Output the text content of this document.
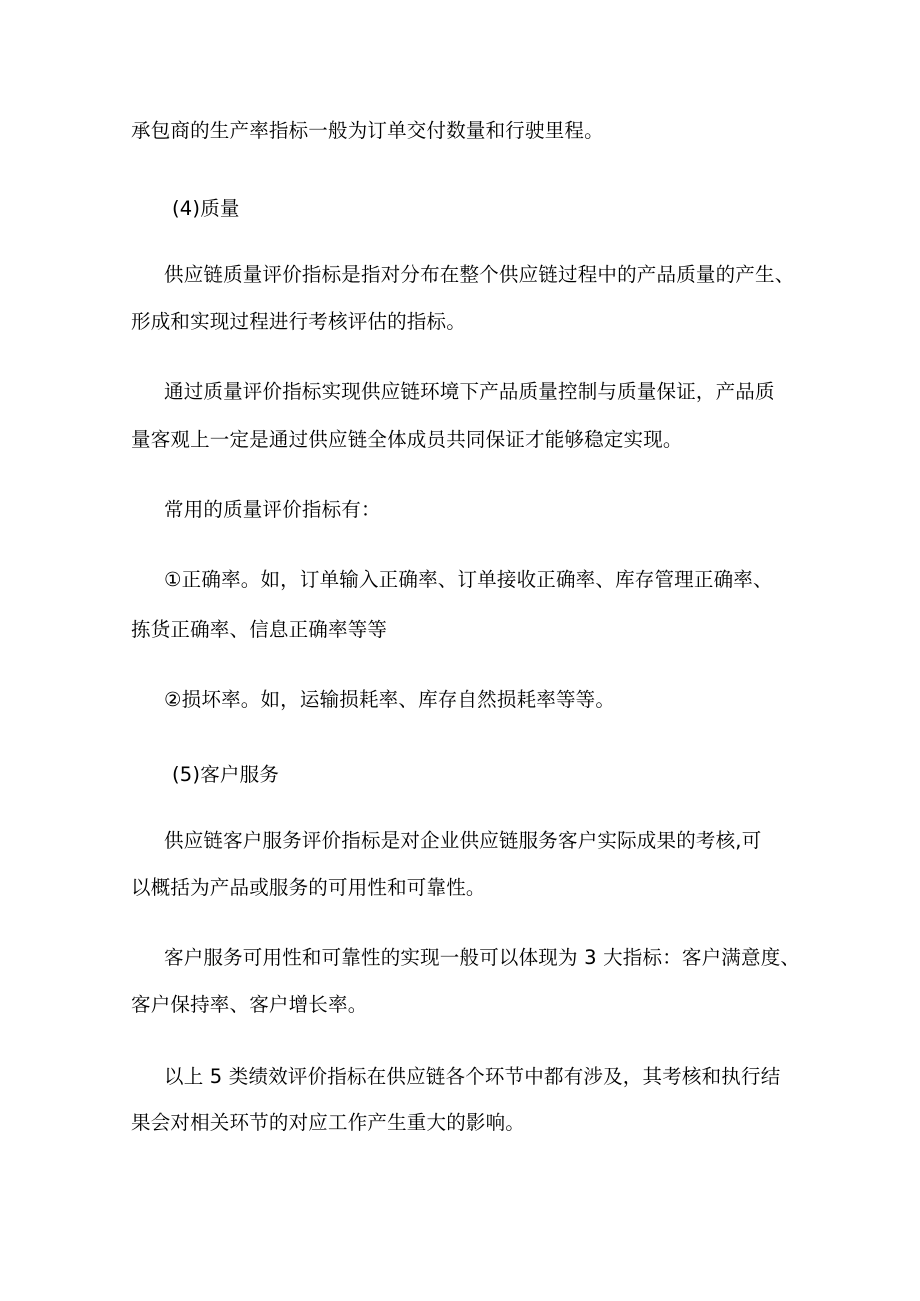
承包商的生产率指标一般为订单交付数量和行驶里程。
(4)质量
供应链质量评价指标是指对分布在整个供应链过程中的产品质量的产生、
形成和实现过程进行考核评估的指标。
通过质量评价指标实现供应链环境下产品质量控制与质量保证，产品质
量客观上一定是通过供应链全体成员共同保证才能够稳定实现。
常用的质量评价指标有：
①正确率。如，订单输入正确率、订单接收正确率、库存管理正确率、
拣货正确率、信息正确率等等
②损坏率。如，运输损耗率、库存自然损耗率等等。
(5)客户服务
供应链客户服务评价指标是对企业供应链服务客户实际成果的考核,可
以概括为产品或服务的可用性和可靠性。
客户服务可用性和可靠性的实现一般可以体现为 3 大指标：客户满意度、
客户保持率、客户增长率。
以上 5 类绩效评价指标在供应链各个环节中都有涉及，其考核和执行结
果会对相关环节的对应工作产生重大的影响。
